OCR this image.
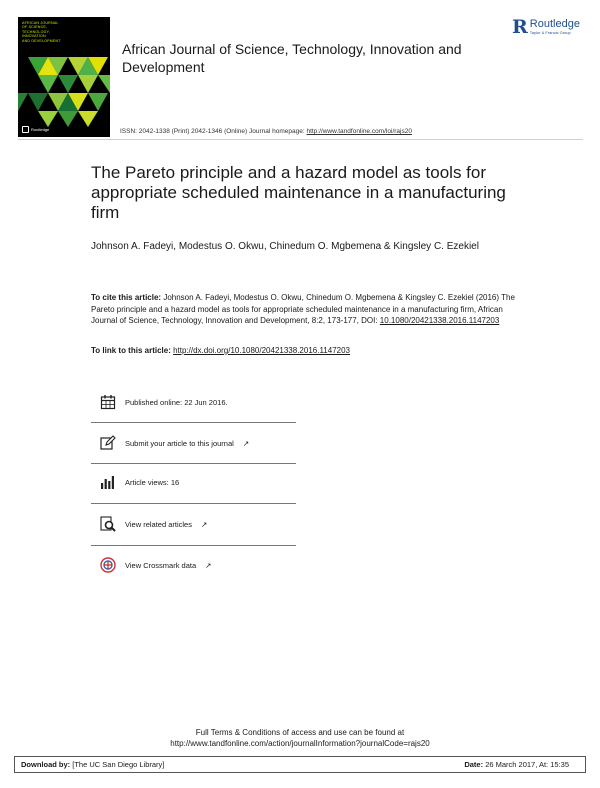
AFRICAN JOURNAL
OF SCIENCE,
TECHNOLOGY,
INNOVATION
AND DEVELOPMENT
Routledge
R Routledge
Taylor & Francis Group
African Journal of Science, Technology, Innovation and Development
ISSN: 2042-1338 (Print) 2042-1346 (Online) Journal homepage: http://www.tandfonline.com/loi/rajs20
The Pareto principle and a hazard model as tools for appropriate scheduled maintenance in a manufacturing firm
Johnson A. Fadeyi, Modestus O. Okwu, Chinedum O. Mgbemena & Kingsley C. Ezekiel
To cite this article: Johnson A. Fadeyi, Modestus O. Okwu, Chinedum O. Mgbemena & Kingsley C. Ezekiel (2016) The Pareto principle and a hazard model as tools for appropriate scheduled maintenance in a manufacturing firm, African Journal of Science, Technology, Innovation and Development, 8:2, 173-177, DOI: 10.1080/20421338.2016.1147203
To link to this article: http://dx.doi.org/10.1080/20421338.2016.1147203
Published online: 22 Jun 2016.
Submit your article to this journal ↗
Article views: 16
View related articles ↗
View Crossmark data ↗
Full Terms & Conditions of access and use can be found at
http://www.tandfonline.com/action/journalInformation?journalCode=rajs20
Download by: [The UC San Diego Library]	Date: 26 March 2017, At: 15:35
